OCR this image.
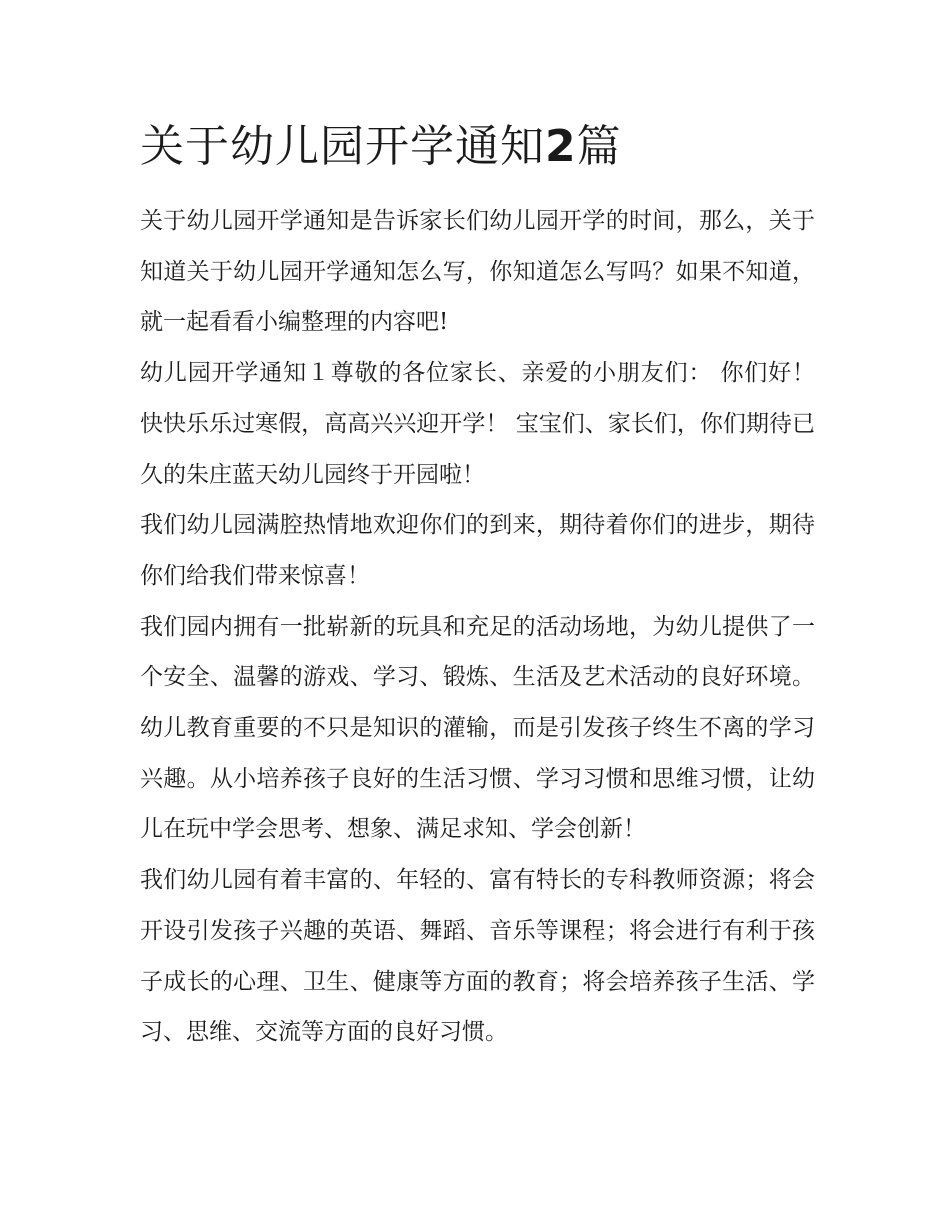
关于幼儿园开学通知2篇

关于幼儿园开学通知是告诉家长们幼儿园开学的时间，那么，关于知道关于幼儿园开学通知怎么写，你知道怎么写吗？如果不知道，就一起看看小编整理的内容吧!

幼儿园开学通知１尊敬的各位家长、亲爱的小朋友们： 你们好！ 快快乐乐过寒假，高高兴兴迎开学！ 宝宝们、家长们，你们期待已久的朱庄蓝天幼儿园终于开园啦！

我们幼儿园满腔热情地欢迎你们的到来，期待着你们的进步，期待你们给我们带来惊喜！

我们园内拥有一批崭新的玩具和充足的活动场地，为幼儿提供了一个安全、温馨的游戏、学习、锻炼、生活及艺术活动的良好环境。幼儿教育重要的不只是知识的灌输，而是引发孩子终生不离的学习兴趣。从小培养孩子良好的生活习惯、学习习惯和思维习惯，让幼儿在玩中学会思考、想象、满足求知、学会创新！

我们幼儿园有着丰富的、年轻的、富有特长的专科教师资源；将会开设引发孩子兴趣的英语、舞蹈、音乐等课程；将会进行有利于孩子成长的心理、卫生、健康等方面的教育；将会培养孩子生活、学习、思维、交流等方面的良好习惯。
